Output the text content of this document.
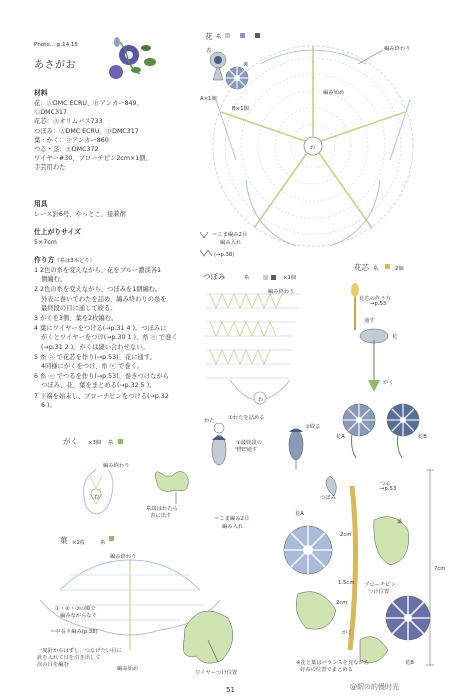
Photo… p.14,15
あさがお
材料
花：ⒶDMC ECRU、Ⓑアンカー849、
ⒸDMC317
花芯：Ⓐオリムパス733
つぼみ：ⒶDMC ECRU、ⒹDMC317
葉・がく：Ⓓアンカー860
つる・茎：ⒺDMC372
ワイヤー#30、ブローチピン2cm×1個、
手芸用わた
用具
レース針6号、やっとこ、接着剤
仕上がりサイズ
5×7cm
作り方（糸は3本どり）
1 2色の糸を変えながら、花をブルー濃淡各1
個編む。
2 2色の糸を変えながら、つぼみを1個編む。
外表に巻いてわたを詰め、編み終わりの糸を
最終段の目に通して絞る。
3 がくを3個、葉を2枚編む。
4 葉にワイヤーをつける(→p.31 4 )。つぼみに
がくとワイヤーをつけ(→p.30 1 )、糸 ⓔ で巻く
(→p.31 2 )。がくは縫い合わせない。
5 糸 ⓐ で花芯を作り(→p.53)、花に通す。
4同様にがくをつけ、糸 ⓔ で巻く。
6 糸 ⓔ でつるを作り(→p.53)、巻きつけながら
つぼみ、花、葉をまとめる(→p.32 5 )。
7 下端を始末し、ブローチピンをつける(→p.32
6 )。
花 糸
表
裏
A×1個
B×1個
編み終わり
編み始め
わ
＝こま編み2目
編み入れ
(→p.38)
つぼみ	糸	×1個
編み終わり
わ
①わたを詰める
わた
②最終段の
目に通す
③絞る
がく ×3個 糸
編み終わり
わ
糸端はわたら
表に出す	＝こま編み2目
編み入れ
葉 ×2枚	糸
編み終わり
①・②・③の順で
編みながらなぐ
＝中長々編み(p.38)
一度針からはずし、つなげたい目に
針を入れて目を引き出して
次の目を編む
編み始め
ワイヤーつけ位置
花芯 糸	2個
花芯の作り方
→p.53
通す
花
がく
花A	花B
つぼみ
つる
→p.53
花A
葉
2cm
1.5cm ブローチピン
つけ位置
2cm
がく
花B
7cm
※花と葉はバランスを見ながら
好みの位置でまとめる
51	@駅の的慢时光
